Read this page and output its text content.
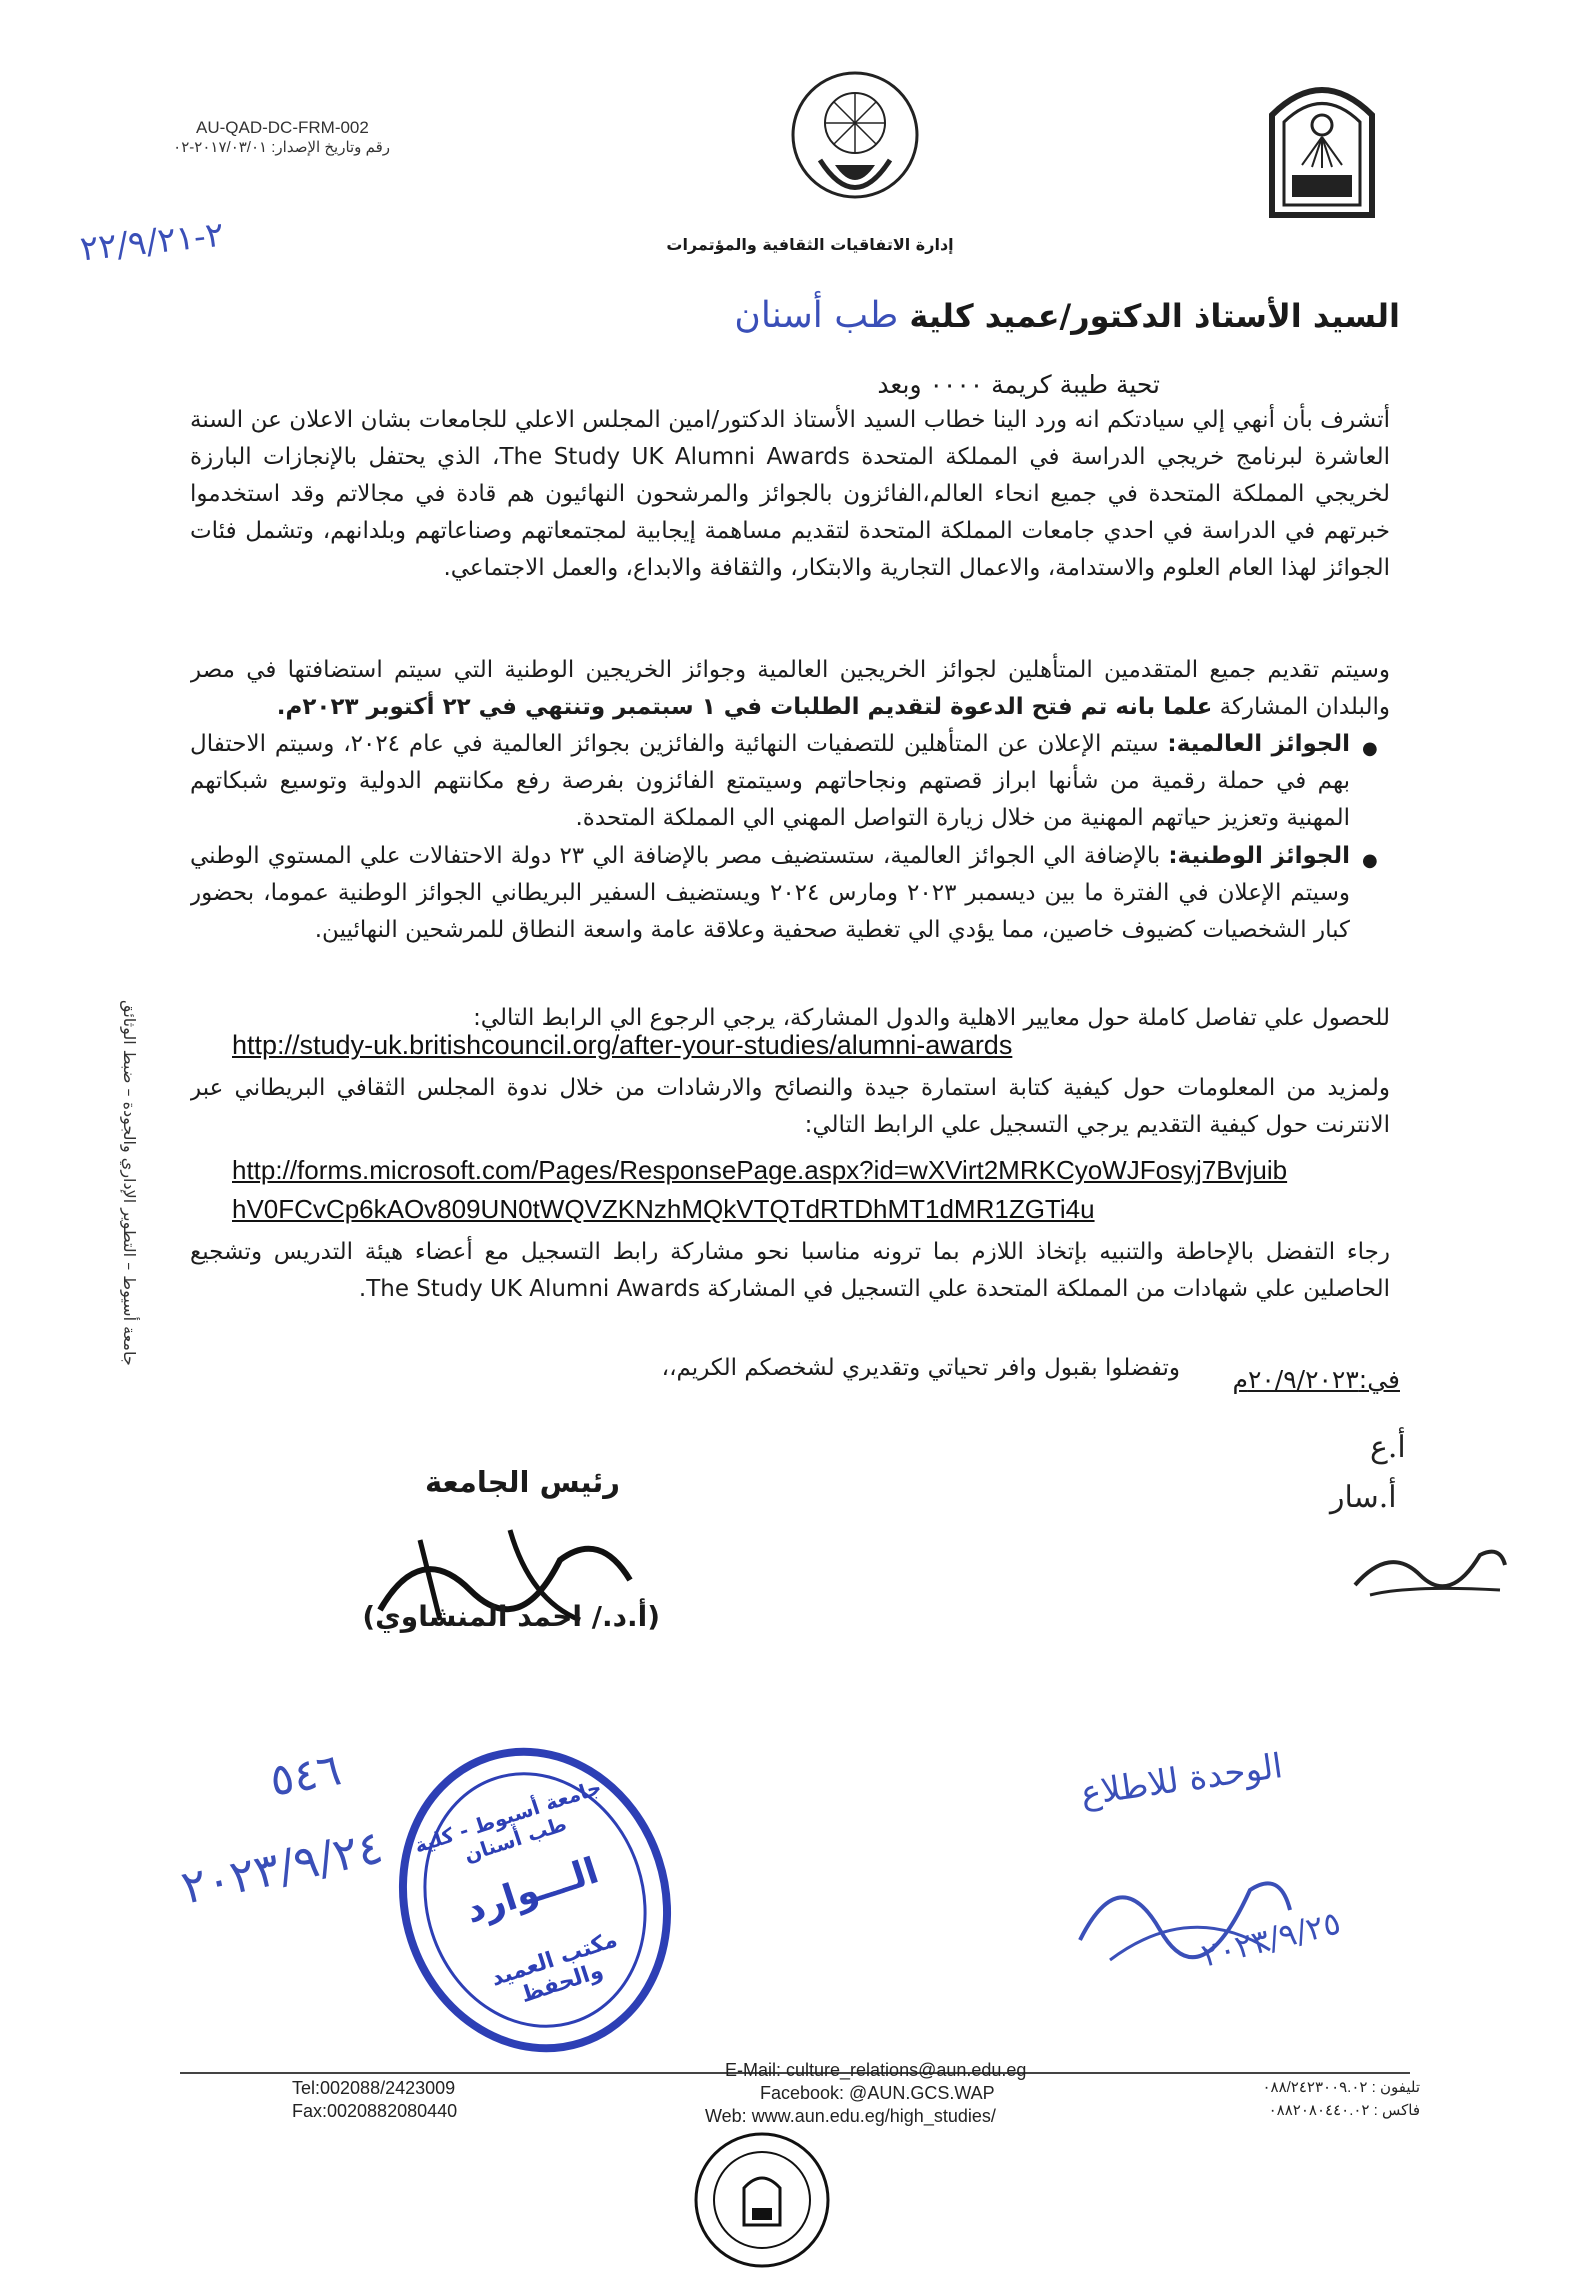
AU-QAD-DC-FRM-002
رقم وتاريخ الإصدار: ٢٠١٧/٠٣/٠١-٠٢
٢-٢٢/٩/٢١	إدارة الاتفاقيات الثقافية والمؤتمرات
السيد الأستاذ الدكتور/عميد كلية طب أسنان
تحية طيبة كريمة ٠٠٠٠ وبعد
أتشرف بأن أنهي إلي سيادتكم انه ورد الينا خطاب السيد الأستاذ الدكتور/امين المجلس الاعلي للجامعات بشان الاعلان عن السنة العاشرة لبرنامج خريجي الدراسة في المملكة المتحدة The Study UK Alumni Awards، الذي يحتفل بالإنجازات البارزة لخريجي المملكة المتحدة في جميع انحاء العالم،الفائزون بالجوائز والمرشحون النهائيون هم قادة في مجالاتم وقد استخدموا خبرتهم في الدراسة في احدي جامعات المملكة المتحدة لتقديم مساهمة إيجابية لمجتمعاتهم وصناعاتهم وبلدانهم، وتشمل فئات الجوائز لهذا العام العلوم والاستدامة، والاعمال التجارية والابتكار، والثقافة والابداع، والعمل الاجتماعي.
وسيتم تقديم جميع المتقدمين المتأهلين لجوائز الخريجين العالمية وجوائز الخريجين الوطنية التي سيتم استضافتها في مصر والبلدان المشاركة علما بانه تم فتح الدعوة لتقديم الطلبات في ١ سبتمبر وتنتهي في ٢٢ أكتوبر ٢٠٢٣م.
الجوائز العالمية: سيتم الإعلان عن المتأهلين للتصفيات النهائية والفائزين بجوائز العالمية في عام ٢٠٢٤، وسيتم الاحتفال بهم في حملة رقمية من شأنها ابراز قصتهم ونجاحاتهم وسيتمتع الفائزون بفرصة رفع مكانتهم الدولية وتوسيع شبكاتهم المهنية وتعزيز حياتهم المهنية من خلال زيارة التواصل المهني الي المملكة المتحدة.
●
الجوائز الوطنية: بالإضافة الي الجوائز العالمية، ستستضيف مصر بالإضافة الي ٢٣ دولة الاحتفالات علي المستوي الوطني وسيتم الإعلان في الفترة ما بين ديسمبر ٢٠٢٣ ومارس ٢٠٢٤ ويستضيف السفير البريطاني الجوائز الوطنية عموما، بحضور كبار الشخصيات كضيوف خاصين، مما يؤدي الي تغطية صحفية وعلاقة عامة واسعة النطاق للمرشحين النهائيين.
●
للحصول علي تفاصل كاملة حول معايير الاهلية والدول المشاركة، يرجي الرجوع الي الرابط التالي:
http://study-uk.britishcouncil.org/after-your-studies/alumni-awards
ولمزيد من المعلومات حول كيفية كتابة استمارة جيدة والنصائح والارشادات من خلال ندوة المجلس الثقافي البريطاني عبر الانترنت حول كيفية التقديم يرجي التسجيل علي الرابط التالي:
http://forms.microsoft.com/Pages/ResponsePage.aspx?id=wXVirt2MRKCyoWJFosyj7Bvjuib
hV0FCvCp6kAOv809UN0tWQVZKNzhMQkVTQTdRTDhMT1dMR1ZGTi4u
رجاء التفضل بالإحاطة والتنبيه بإتخاذ اللازم بما ترونه مناسبا نحو مشاركة رابط التسجيل مع أعضاء هيئة التدريس وتشجيع الحاصلين علي شهادات من المملكة المتحدة علي التسجيل في المشاركة The Study UK Alumni Awards.
وتفضلوا بقبول وافر تحياتي وتقديري لشخصكم الكريم،،	في:٢٠/٩/٢٠٢٣م
أ.ع
أ.سار
رئيس الجامعة
(أ.د./ احمد المنشاوي)
جامعة أسيوط – التطوير الإداري والجودة – ضبط الوثائق
٥٤٦
٢٠٢٣/٩/٢٤
جامعة أسيوط - كلية طب أسنان
الـــوارد
مكتب العميد والحفظ
الوحدة للاطلاع
٢٠٢٣/٩/٢٥
Tel:002088/2423009
Fax:0020882080440
E-Mail: culture_relations@aun.edu.eg
Facebook: @AUN.GCS.WAP
Web: www.aun.edu.eg/high_studies/
تليفون : ٠٨٨/٢٤٢٣٠٠٩.٠٢
فاكس : ٠٨٨٢٠٨٠٤٤٠.٠٢
